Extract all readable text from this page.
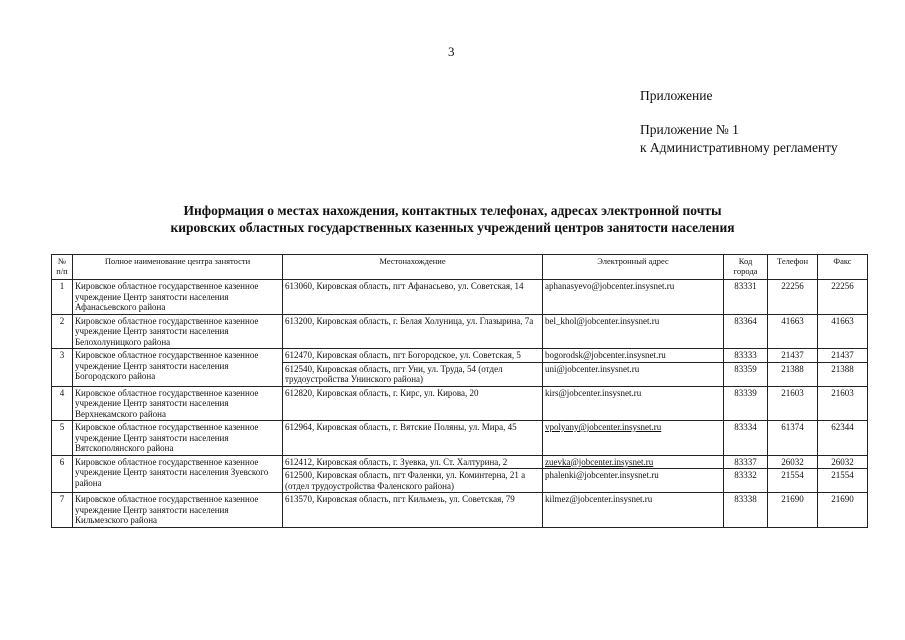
3
Приложение
Приложение № 1
к Административному регламенту
Информация о местах нахождения, контактных телефонах, адресах электронной почты
кировских областных государственных казенных учреждений центров занятости населения
№ п/п	Полное наименование центра занятости	Местонахождение	Электронный адрес	Код города	Телефон	Факс
1	Кировское областное государственное казенное учреждение Центр занятости населения Афанасьевского района	613060, Кировская область, пгт Афанасьево, ул. Советская, 14	aphanasyevo@jobcenter.insysnet.ru	83331	22256	22256
2	Кировское областное государственное казенное учреждение Центр занятости населения Белохолуницкого района	613200, Кировская область, г. Белая Холуница, ул. Глазырина, 7а	bel_khol@jobcenter.insysnet.ru	83364	41663	41663
3	Кировское областное государственное казенное учреждение Центр занятости населения Богородского района	612470, Кировская область, пгт Богородское, ул. Советская, 5	bogorodsk@jobcenter.insysnet.ru	83333	21437	21437
		612540, Кировская область, пгт Уни, ул. Труда, 54 (отдел трудоустройства Унинского района)	uni@jobcenter.insysnet.ru	83359	21388	21388
4	Кировское областное государственное казенное учреждение Центр занятости населения Верхнекамского района	612820, Кировская область, г. Кирс, ул. Кирова, 20	kirs@jobcenter.insysnet.ru	83339	21603	21603
5	Кировское областное государственное казенное учреждение Центр занятости населения Вятскополянского района	612964, Кировская область, г. Вятские Поляны, ул. Мира, 45	vpolyany@jobcenter.insysnet.ru	83334	61374	62344
6	Кировское областное государственное казенное учреждение Центр занятости населения Зуевского района	612412, Кировская область, г. Зуевка, ул. Ст. Халтурина, 2	zuevka@jobcenter.insysnet.ru	83337	26032	26032
		612500, Кировская область, пгт Фаленки, ул. Коминтерна, 21 а (отдел трудоустройства Фаленского района)	phalenki@jobcenter.insysnet.ru	83332	21554	21554
7	Кировское областное государственное казенное учреждение Центр занятости населения Кильмезского района	613570, Кировская область, пгт Кильмезь, ул. Советская, 79	kilmez@jobcenter.insysnet.ru	83338	21690	21690
